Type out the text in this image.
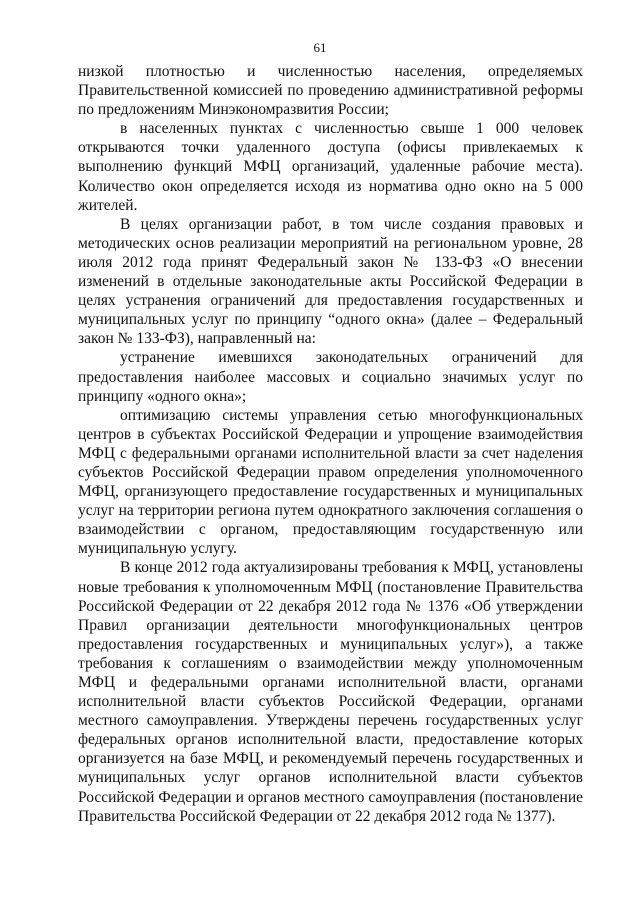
61

низкой плотностью и численностью населения, определяемых Правительственной комиссией по проведению административной реформы по предложениям Минэкономразвития России;

в населенных пунктах с численностью свыше 1 000 человек открываются точки удаленного доступа (офисы привлекаемых к выполнению функций МФЦ организаций, удаленные рабочие места). Количество окон определяется исходя из норматива одно окно на 5 000 жителей.

В целях организации работ, в том числе создания правовых и методических основ реализации мероприятий на региональном уровне, 28 июля 2012 года принят Федеральный закон № 133-ФЗ «О внесении изменений в отдельные законодательные акты Российской Федерации в целях устранения ограничений для предоставления государственных и муниципальных услуг по принципу “одного окна» (далее – Федеральный закон № 133-ФЗ), направленный на:

устранение имевшихся законодательных ограничений для предоставления наиболее массовых и социально значимых услуг по принципу «одного окна»;

оптимизацию системы управления сетью многофункциональных центров в субъектах Российской Федерации и упрощение взаимодействия МФЦ с федеральными органами исполнительной власти за счет наделения субъектов Российской Федерации правом определения уполномоченного МФЦ, организующего предоставление государственных и муниципальных услуг на территории региона путем однократного заключения соглашения о взаимодействии с органом, предоставляющим государственную или муниципальную услугу.

В конце 2012 года актуализированы требования к МФЦ, установлены новые требования к уполномоченным МФЦ (постановление Правительства Российской Федерации от 22 декабря 2012 года № 1376 «Об утверждении Правил организации деятельности многофункциональных центров предоставления государственных и муниципальных услуг»), а также требования к соглашениям о взаимодействии между уполномоченным МФЦ и федеральными органами исполнительной власти, органами исполнительной власти субъектов Российской Федерации, органами местного самоуправления. Утверждены перечень государственных услуг федеральных органов исполнительной власти, предоставление которых организуется на базе МФЦ, и рекомендуемый перечень государственных и муниципальных услуг органов исполнительной власти субъектов Российской Федерации и органов местного самоуправления (постановление Правительства Российской Федерации от 22 декабря 2012 года № 1377).
